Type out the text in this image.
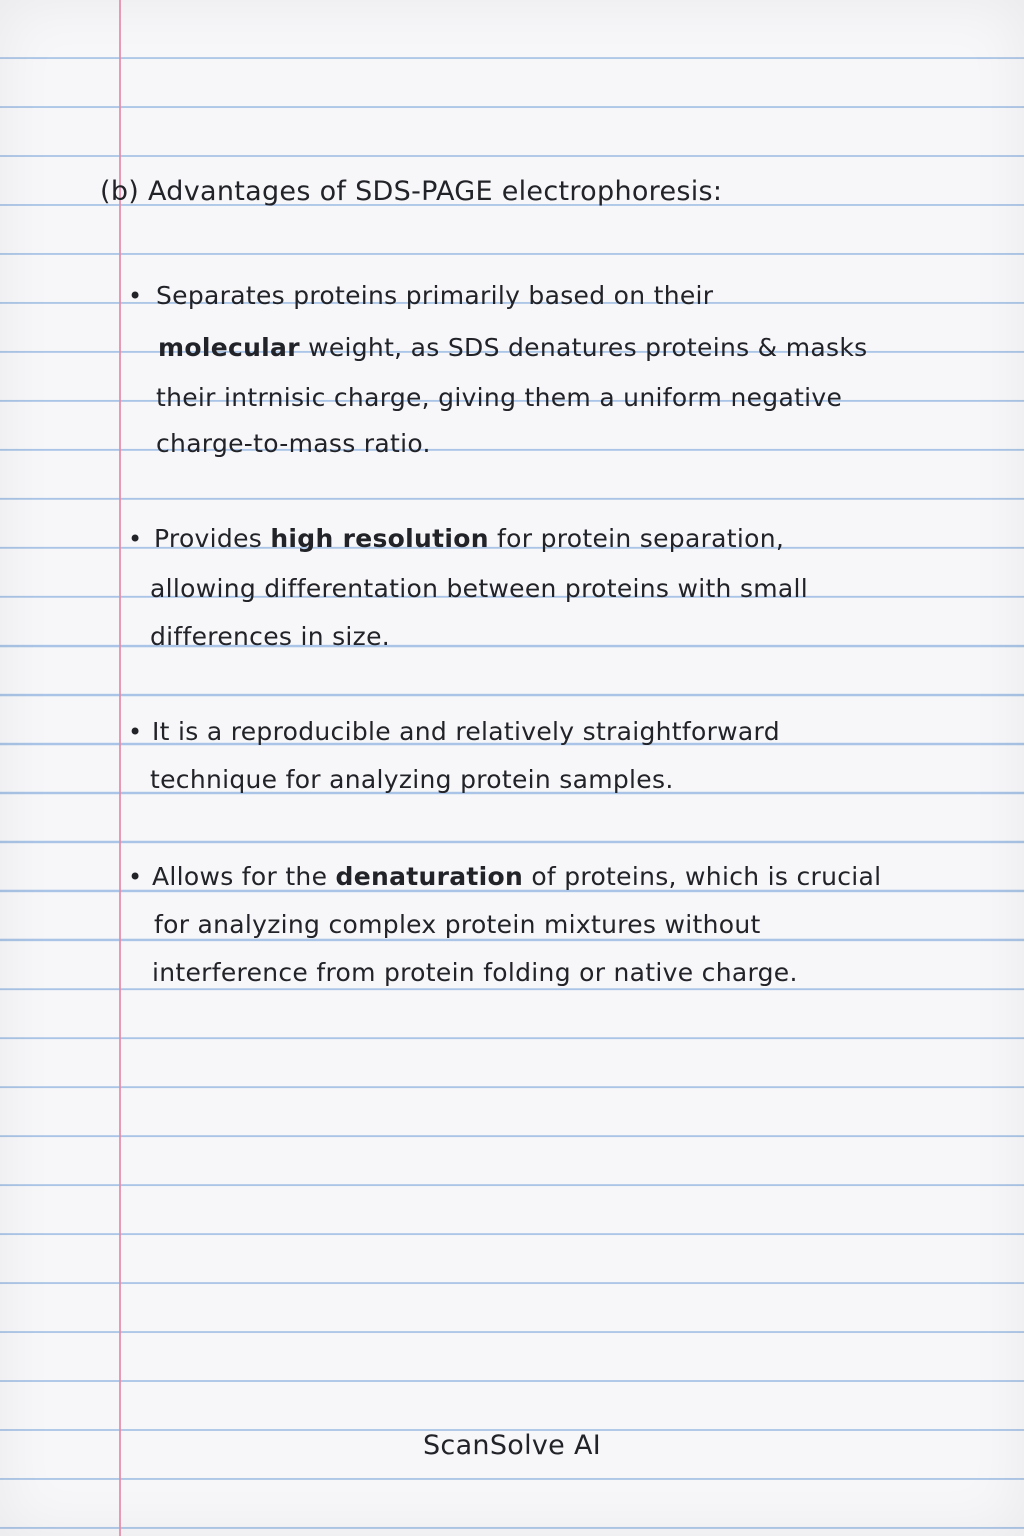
(b) Advantages of SDS-PAGE electrophoresis:
• Separates proteins primarily based on their
molecular weight, as SDS denatures proteins & masks
their intrnisic charge, giving them a uniform negative
charge-to-mass ratio.
• Provides high resolution for protein separation,
allowing differentation between proteins with small
differences in size.
• It is a reproducible and relatively straightforward
technique for analyzing protein samples.
• Allows for the denaturation of proteins, which is crucial
for analyzing complex protein mixtures without
interference from protein folding or native charge.
ScanSolve AI
